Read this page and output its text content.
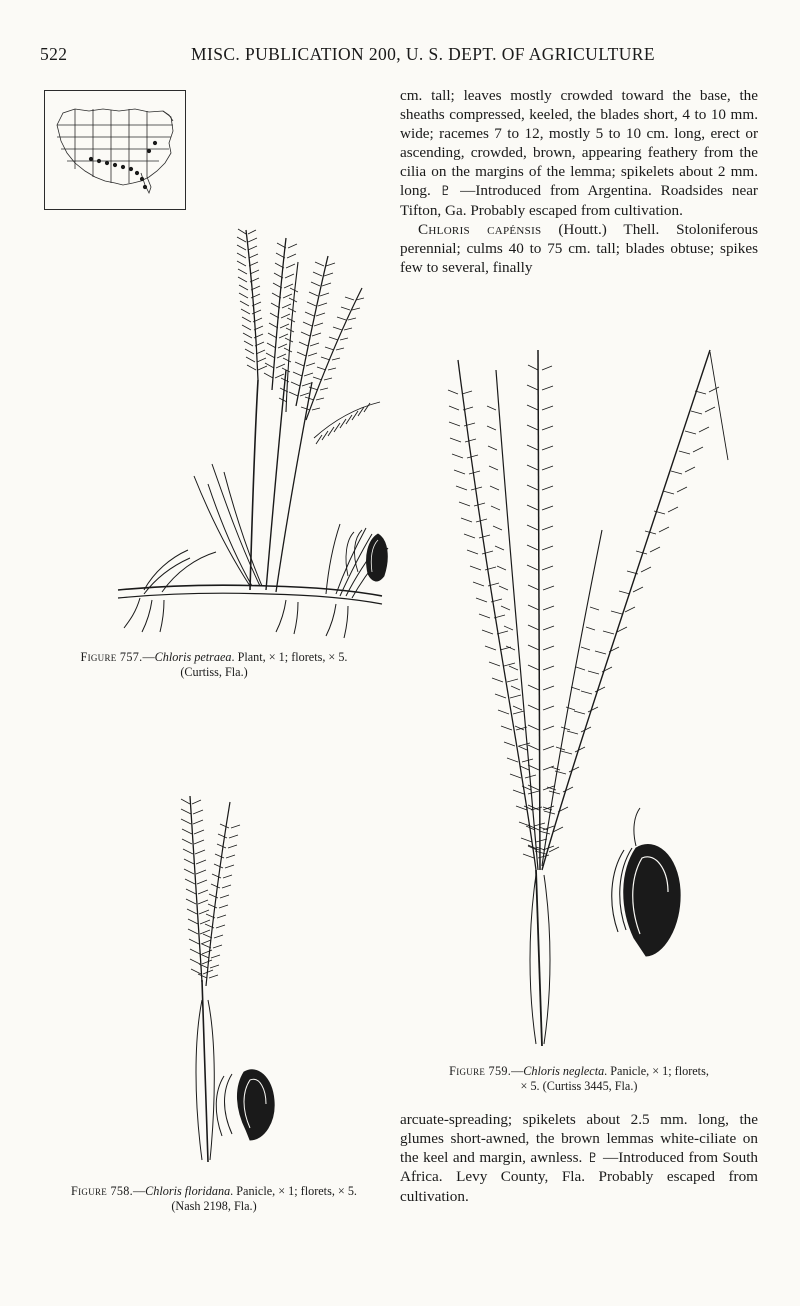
522	MISC. PUBLICATION 200, U. S. DEPT. OF AGRICULTURE

cm. tall; leaves mostly crowded toward the base, the sheaths compressed, keeled, the blades short, 4 to 10 mm. wide; racemes 7 to 12, mostly 5 to 10 cm. long, erect or ascending, crowded, brown, appearing feathery from the cilia on the margins of the lemma; spikelets about 2 mm. long. ♇ —Introduced from Argentina. Roadsides near Tifton, Ga. Probably escaped from cultivation.

Chloris capénsis (Houtt.) Thell. Stoloniferous perennial; culms 40 to 75 cm. tall; blades obtuse; spikes few to several, finally

Figure 757.—Chloris petraea. Plant, × 1; florets, × 5.
(Curtiss, Fla.)
Figure 758.—Chloris floridana. Panicle, × 1; florets, × 5.
(Nash 2198, Fla.)
Figure 759.—Chloris neglecta. Panicle, × 1; florets,
× 5. (Curtiss 3445, Fla.)

arcuate-spreading; spikelets about 2.5 mm. long, the glumes short-awned, the brown lemmas white-ciliate on the keel and margin, awnless. ♇ —Introduced from South Africa. Levy County, Fla. Probably escaped from cultivation.
